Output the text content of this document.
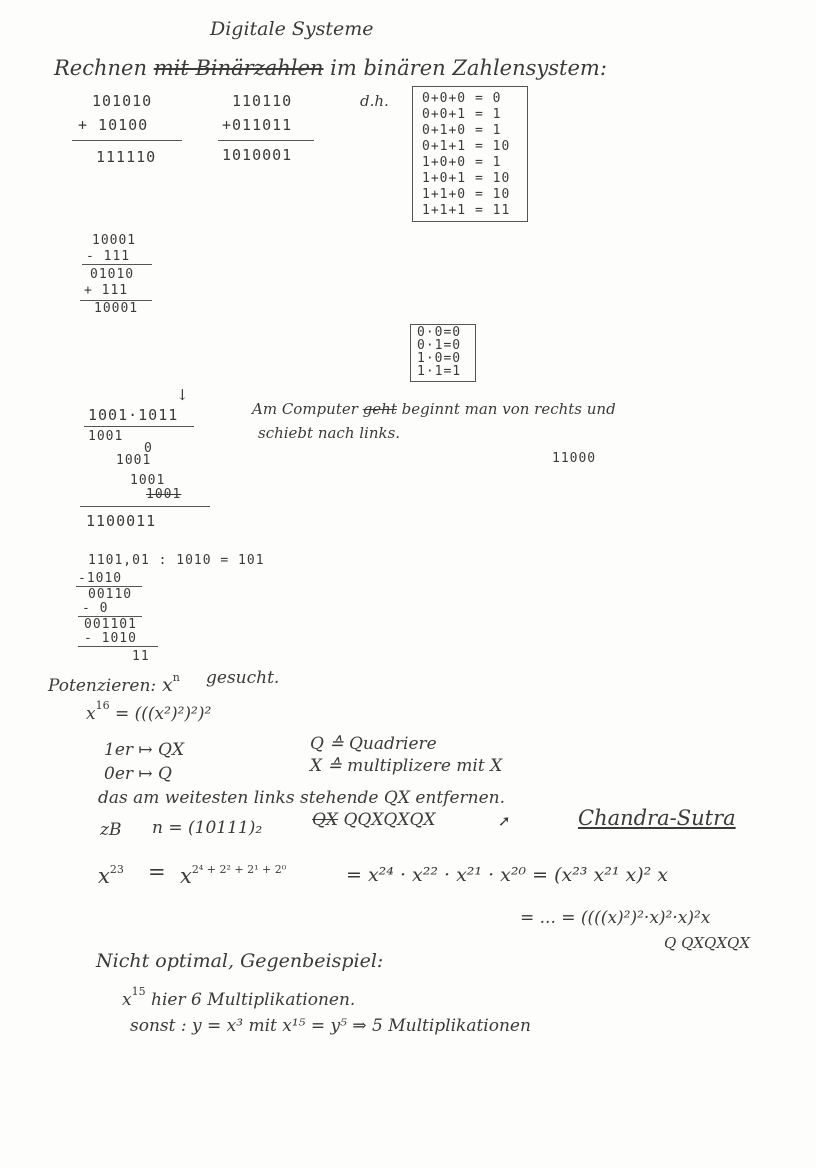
Digitale Systeme
Rechnen mit Binärzahlen im binären Zahlensystem:
101010
+ 10100
111110
110110
+011011
1010001
d.h.	0+0+0 = 0
0+0+1 = 1
0+1+0 = 1
0+1+1 = 10
1+0+0 = 1
1+0+1 = 10
1+1+0 = 10
1+1+1 = 11
10001
- 111
01010
+ 111
10001
0·0=0
0·1=0
1·0=0
1·1=1
↓
1001·1011
1001
0
1001
1001
1001
1100011
Am Computer geht beginnt man von rechts und
schiebt nach links.
11000
1101,01 : 1010 = 101
-1010
00110
- 0
001101
- 1010
11
Potenzieren: $x^n$ gesucht.
$x^{16} = (((x^2)^2)^2)^2$
1er ↦ QX
0er ↦ Q
Q ≙ Quadriere
X ≙ multiplizere mit X
das am weitesten links stehende QX entfernen.
zB n = (10111)₂	QX QQXQXQX	➚	Chandra-Sutra
$x^{23} = x^{2^4 + 2^2 + 2^1 + 2^0}$	= x²⁴ · x²² · x²¹ · x²⁰ = (x²³ x²¹ x)² x
= ... = ((((x)²)²·x)²·x)²x
Q QXQXQX
Nicht optimal, Gegenbeispiel:
$x^{15}$ hier 6 Multiplikationen.
sonst : y = x³ mit x¹⁵ = y⁵ ⇒ 5 Multiplikationen
